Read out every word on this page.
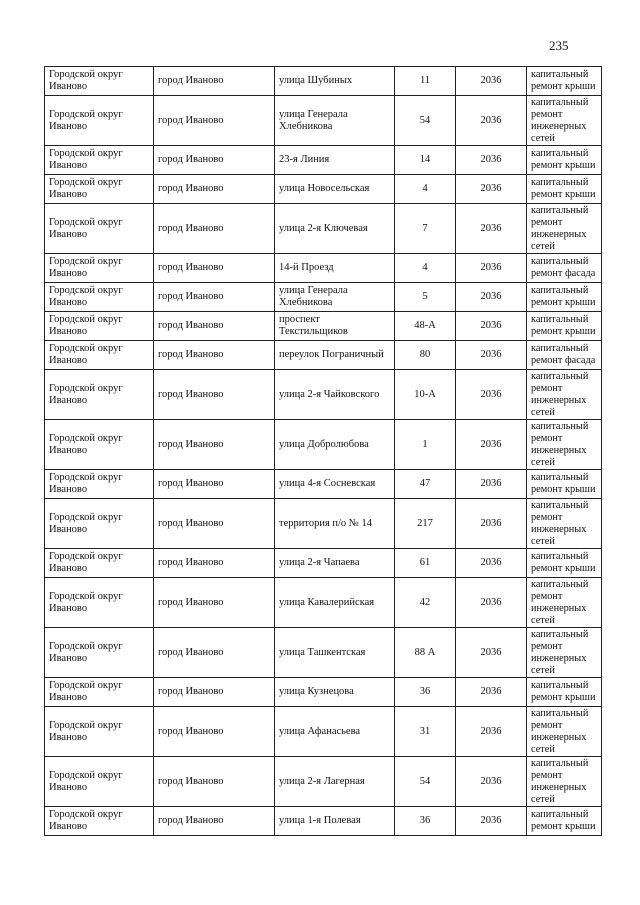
235
Городской округ Иваново	город Иваново	улица Шубиных	11	2036	капитальный ремонт крыши
Городской округ Иваново	город Иваново	улица Генерала Хлебникова	54	2036	капитальный ремонт инженерных сетей
Городской округ Иваново	город Иваново	23-я Линия	14	2036	капитальный ремонт крыши
Городской округ Иваново	город Иваново	улица Новосельская	4	2036	капитальный ремонт крыши
Городской округ Иваново	город Иваново	улица 2-я Ключевая	7	2036	капитальный ремонт инженерных сетей
Городской округ Иваново	город Иваново	14-й Проезд	4	2036	капитальный ремонт фасада
Городской округ Иваново	город Иваново	улица Генерала Хлебникова	5	2036	капитальный ремонт крыши
Городской округ Иваново	город Иваново	проспект Текстильщиков	48-А	2036	капитальный ремонт крыши
Городской округ Иваново	город Иваново	переулок Пограничный	80	2036	капитальный ремонт фасада
Городской округ Иваново	город Иваново	улица 2-я Чайковского	10-А	2036	капитальный ремонт инженерных сетей
Городской округ Иваново	город Иваново	улица Добролюбова	1	2036	капитальный ремонт инженерных сетей
Городской округ Иваново	город Иваново	улица 4-я Сосневская	47	2036	капитальный ремонт крыши
Городской округ Иваново	город Иваново	территория п/о № 14	217	2036	капитальный ремонт инженерных сетей
Городской округ Иваново	город Иваново	улица 2-я Чапаева	61	2036	капитальный ремонт крыши
Городской округ Иваново	город Иваново	улица Кавалерийская	42	2036	капитальный ремонт инженерных сетей
Городской округ Иваново	город Иваново	улица Ташкентская	88 А	2036	капитальный ремонт инженерных сетей
Городской округ Иваново	город Иваново	улица Кузнецова	36	2036	капитальный ремонт крыши
Городской округ Иваново	город Иваново	улица Афанасьева	31	2036	капитальный ремонт инженерных сетей
Городской округ Иваново	город Иваново	улица 2-я Лагерная	54	2036	капитальный ремонт инженерных сетей
Городской округ Иваново	город Иваново	улица 1-я Полевая	36	2036	капитальный ремонт крыши
